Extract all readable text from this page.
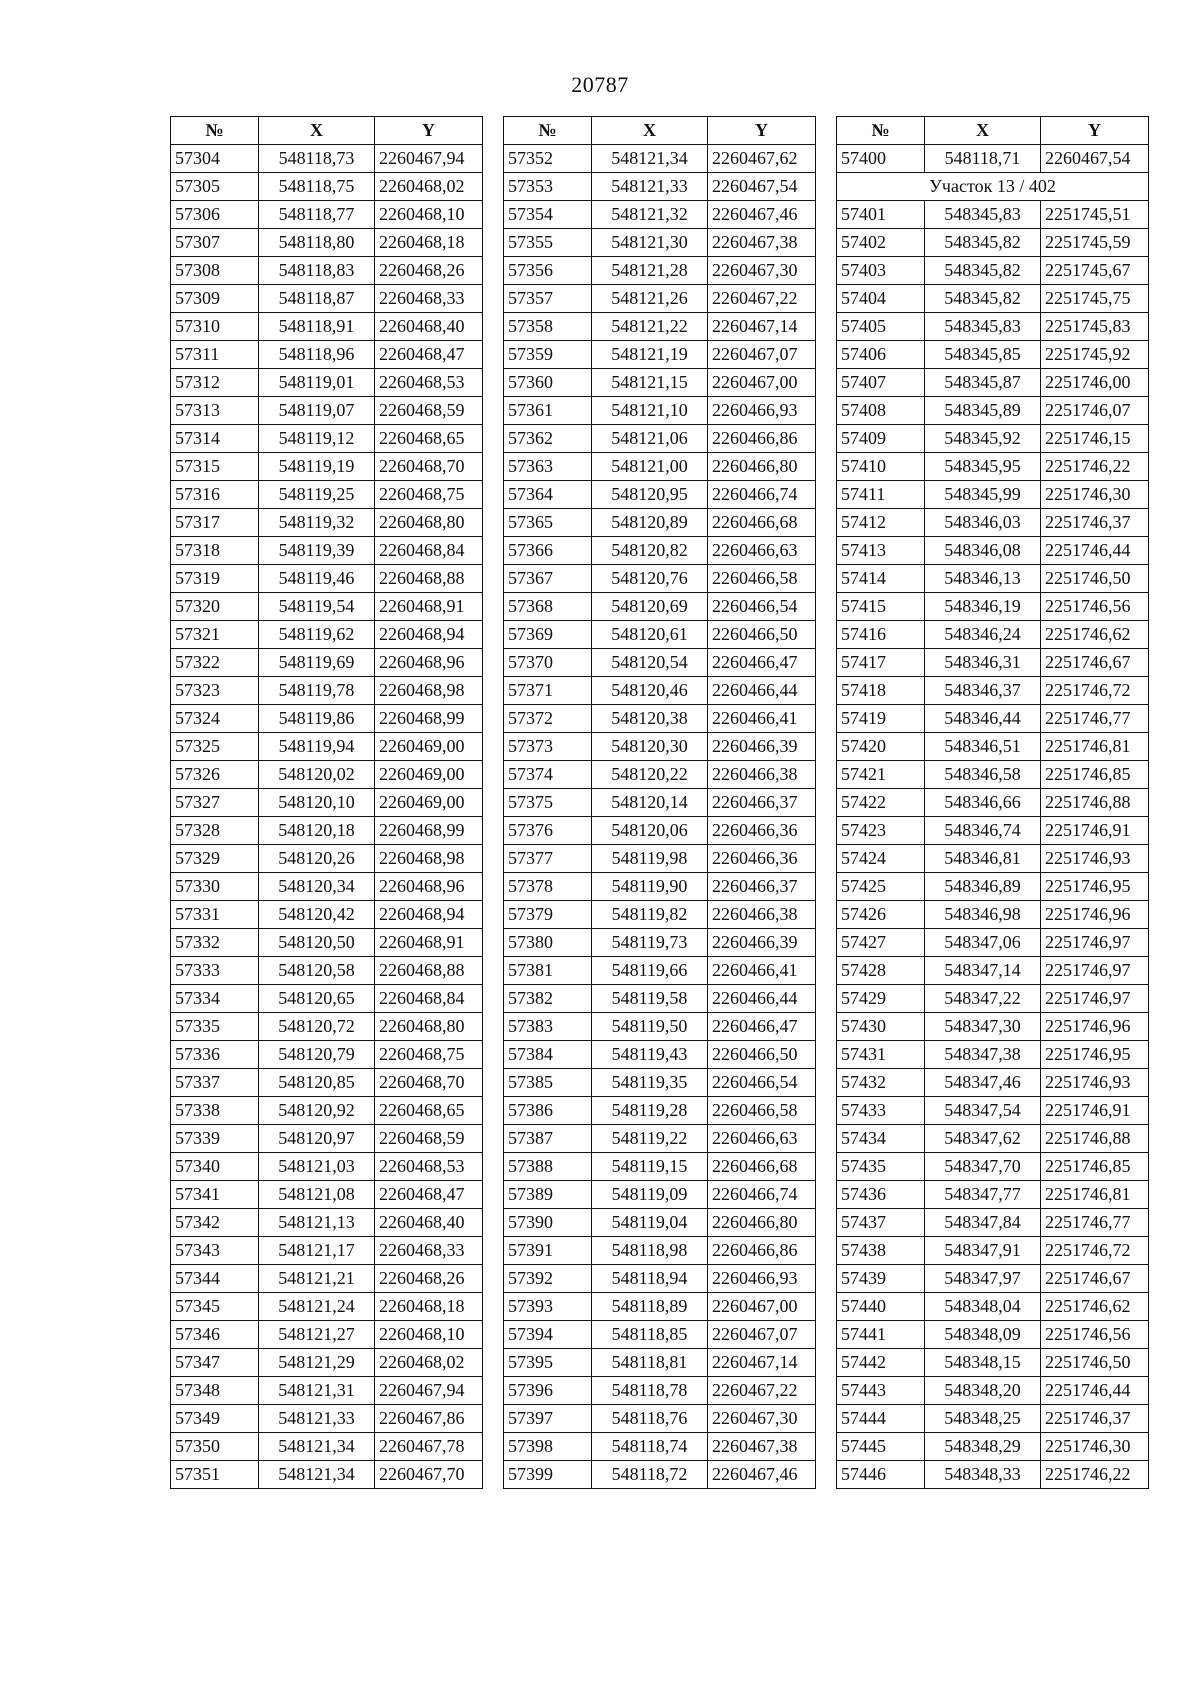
20787
№	X	Y
57304	548118,73	2260467,94
57305	548118,75	2260468,02
57306	548118,77	2260468,10
57307	548118,80	2260468,18
57308	548118,83	2260468,26
57309	548118,87	2260468,33
57310	548118,91	2260468,40
57311	548118,96	2260468,47
57312	548119,01	2260468,53
57313	548119,07	2260468,59
57314	548119,12	2260468,65
57315	548119,19	2260468,70
57316	548119,25	2260468,75
57317	548119,32	2260468,80
57318	548119,39	2260468,84
57319	548119,46	2260468,88
57320	548119,54	2260468,91
57321	548119,62	2260468,94
57322	548119,69	2260468,96
57323	548119,78	2260468,98
57324	548119,86	2260468,99
57325	548119,94	2260469,00
57326	548120,02	2260469,00
57327	548120,10	2260469,00
57328	548120,18	2260468,99
57329	548120,26	2260468,98
57330	548120,34	2260468,96
57331	548120,42	2260468,94
57332	548120,50	2260468,91
57333	548120,58	2260468,88
57334	548120,65	2260468,84
57335	548120,72	2260468,80
57336	548120,79	2260468,75
57337	548120,85	2260468,70
57338	548120,92	2260468,65
57339	548120,97	2260468,59
57340	548121,03	2260468,53
57341	548121,08	2260468,47
57342	548121,13	2260468,40
57343	548121,17	2260468,33
57344	548121,21	2260468,26
57345	548121,24	2260468,18
57346	548121,27	2260468,10
57347	548121,29	2260468,02
57348	548121,31	2260467,94
57349	548121,33	2260467,86
57350	548121,34	2260467,78
57351	548121,34	2260467,70
№	X	Y
57352	548121,34	2260467,62
57353	548121,33	2260467,54
57354	548121,32	2260467,46
57355	548121,30	2260467,38
57356	548121,28	2260467,30
57357	548121,26	2260467,22
57358	548121,22	2260467,14
57359	548121,19	2260467,07
57360	548121,15	2260467,00
57361	548121,10	2260466,93
57362	548121,06	2260466,86
57363	548121,00	2260466,80
57364	548120,95	2260466,74
57365	548120,89	2260466,68
57366	548120,82	2260466,63
57367	548120,76	2260466,58
57368	548120,69	2260466,54
57369	548120,61	2260466,50
57370	548120,54	2260466,47
57371	548120,46	2260466,44
57372	548120,38	2260466,41
57373	548120,30	2260466,39
57374	548120,22	2260466,38
57375	548120,14	2260466,37
57376	548120,06	2260466,36
57377	548119,98	2260466,36
57378	548119,90	2260466,37
57379	548119,82	2260466,38
57380	548119,73	2260466,39
57381	548119,66	2260466,41
57382	548119,58	2260466,44
57383	548119,50	2260466,47
57384	548119,43	2260466,50
57385	548119,35	2260466,54
57386	548119,28	2260466,58
57387	548119,22	2260466,63
57388	548119,15	2260466,68
57389	548119,09	2260466,74
57390	548119,04	2260466,80
57391	548118,98	2260466,86
57392	548118,94	2260466,93
57393	548118,89	2260467,00
57394	548118,85	2260467,07
57395	548118,81	2260467,14
57396	548118,78	2260467,22
57397	548118,76	2260467,30
57398	548118,74	2260467,38
57399	548118,72	2260467,46
№	X	Y
57400	548118,71	2260467,54
Участок 13 / 402		
57401	548345,83	2251745,51
57402	548345,82	2251745,59
57403	548345,82	2251745,67
57404	548345,82	2251745,75
57405	548345,83	2251745,83
57406	548345,85	2251745,92
57407	548345,87	2251746,00
57408	548345,89	2251746,07
57409	548345,92	2251746,15
57410	548345,95	2251746,22
57411	548345,99	2251746,30
57412	548346,03	2251746,37
57413	548346,08	2251746,44
57414	548346,13	2251746,50
57415	548346,19	2251746,56
57416	548346,24	2251746,62
57417	548346,31	2251746,67
57418	548346,37	2251746,72
57419	548346,44	2251746,77
57420	548346,51	2251746,81
57421	548346,58	2251746,85
57422	548346,66	2251746,88
57423	548346,74	2251746,91
57424	548346,81	2251746,93
57425	548346,89	2251746,95
57426	548346,98	2251746,96
57427	548347,06	2251746,97
57428	548347,14	2251746,97
57429	548347,22	2251746,97
57430	548347,30	2251746,96
57431	548347,38	2251746,95
57432	548347,46	2251746,93
57433	548347,54	2251746,91
57434	548347,62	2251746,88
57435	548347,70	2251746,85
57436	548347,77	2251746,81
57437	548347,84	2251746,77
57438	548347,91	2251746,72
57439	548347,97	2251746,67
57440	548348,04	2251746,62
57441	548348,09	2251746,56
57442	548348,15	2251746,50
57443	548348,20	2251746,44
57444	548348,25	2251746,37
57445	548348,29	2251746,30
57446	548348,33	2251746,22
